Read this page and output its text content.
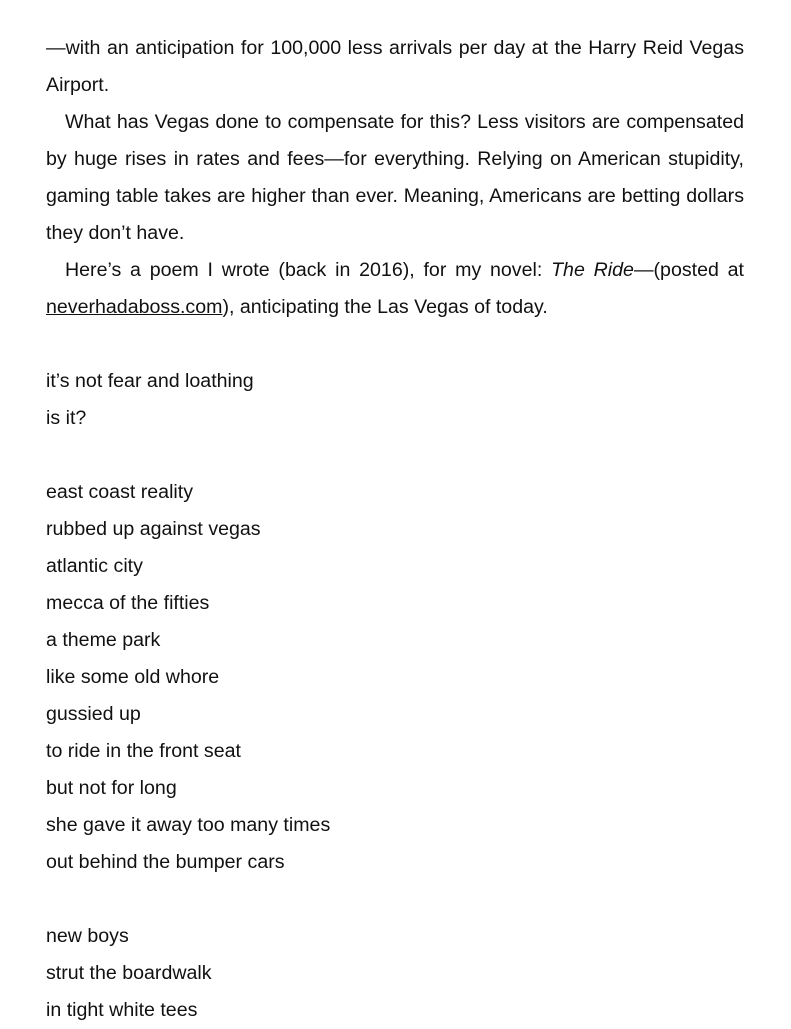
—with an anticipation for 100,000 less arrivals per day at the Harry Reid Vegas Airport.

What has Vegas done to compensate for this? Less visitors are compensated by huge rises in rates and fees—for everything. Relying on American stupidity, gaming table takes are higher than ever. Meaning, Americans are betting dollars they don’t have.

Here’s a poem I wrote (back in 2016), for my novel: The Ride—(posted at neverhadaboss.com), anticipating the Las Vegas of today.

it’s not fear and loathing
is it?
east coast reality
rubbed up against vegas
atlantic city
mecca of the fifties
a theme park
like some old whore
gussied up
to ride in the front seat
but not for long
she gave it away too many times
out behind the bumper cars
new boys
strut the boardwalk
in tight white tees
